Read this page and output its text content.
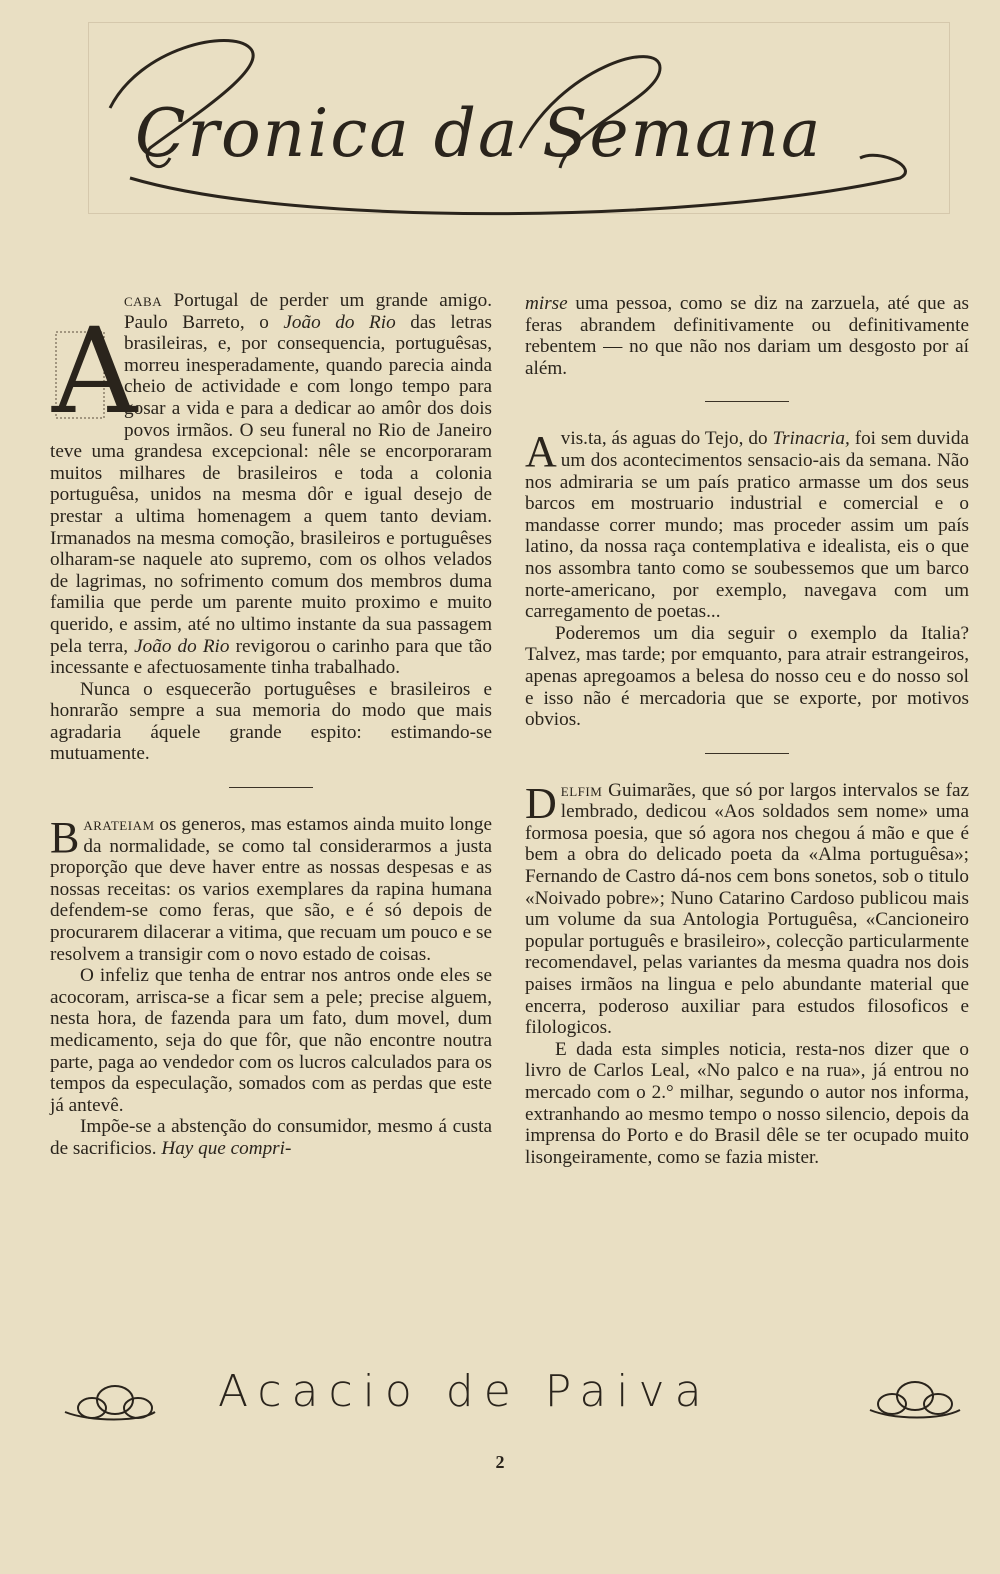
Cronica da Semana
A

caba Portugal de perder um grande amigo. Paulo Barreto, o João do Rio das letras brasileiras, e, por consequencia, portuguêsas, morreu inesperadamente, quando parecia ainda cheio de actividade e com longo tempo para gosar a vida e para a dedicar ao amôr dos dois povos irmãos. O seu funeral no Rio de Janeiro teve uma grandesa excepcional: nêle se encorporaram muitos milhares de brasileiros e toda a colonia portuguêsa, unidos na mesma dôr e igual desejo de prestar a ultima homenagem a quem tanto deviam. Irmanados na mesma comoção, brasileiros e portuguêses olharam-se naquele ato supremo, com os olhos velados de lagrimas, no sofrimento comum dos membros duma familia que perde um parente muito proximo e muito querido, e assim, até no ultimo instante da sua passagem pela terra, João do Rio revigorou o carinho para que tão incessante e afectuosamente tinha trabalhado.

Nunca o esquecerão portuguêses e brasileiros e honrarão sempre a sua memoria do modo que mais agradaria áquele grande espito: estimando-se mutuamente.

Barateiam os generos, mas estamos ainda muito longe da normalidade, se como tal considerarmos a justa proporção que deve haver entre as nossas despesas e as nossas receitas: os varios exemplares da rapina humana defendem-se como feras, que são, e é só depois de procurarem dilacerar a vitima, que recuam um pouco e se resolvem a transigir com o novo estado de coisas.

O infeliz que tenha de entrar nos antros onde eles se acocoram, arrisca-se a ficar sem a pele; precise alguem, nesta hora, de fazenda para um fato, dum movel, dum medicamento, seja do que fôr, que não encontre noutra parte, paga ao vendedor com os lucros calculados para os tempos da especulação, somados com as perdas que este já antevê.

Impõe-se a abstenção do consumidor, mesmo á custa de sacrificios. Hay que compri-

mirse uma pessoa, como se diz na zarzuela, até que as feras abrandem definitivamente ou definitivamente rebentem — no que não nos dariam um desgosto por aí além.

Avis.ta, ás aguas do Tejo, do Trinacria, foi sem duvida um dos acontecimentos sensacio-ais da semana. Não nos admiraria se um país pratico armasse um dos seus barcos em mostruario industrial e comercial e o mandasse correr mundo; mas proceder assim um país latino, da nossa raça contemplativa e idealista, eis o que nos assombra tanto como se soubessemos que um barco norte-americano, por exemplo, navegava com um carregamento de poetas...

Poderemos um dia seguir o exemplo da Italia? Talvez, mas tarde; por emquanto, para atrair estrangeiros, apenas apregoamos a belesa do nosso ceu e do nosso sol e isso não é mercadoria que se exporte, por motivos obvios.

Delfim Guimarães, que só por largos intervalos se faz lembrado, dedicou «Aos soldados sem nome» uma formosa poesia, que só agora nos chegou á mão e que é bem a obra do delicado poeta da «Alma portuguêsa»; Fernando de Castro dá-nos cem bons sonetos, sob o titulo «Noivado pobre»; Nuno Catarino Cardoso publicou mais um volume da sua Antologia Portuguêsa, «Cancioneiro popular português e brasileiro», colecção particularmente recomendavel, pelas variantes da mesma quadra nos dois paises irmãos na lingua e pelo abundante material que encerra, poderoso auxiliar para estudos filosoficos e filologicos.

E dada esta simples noticia, resta-nos dizer que o livro de Carlos Leal, «No palco e na rua», já entrou no mercado com o 2.° milhar, segundo o autor nos informa, extranhando ao mesmo tempo o nosso silencio, depois da imprensa do Porto e do Brasil dêle se ter ocupado muito lisongeiramente, como se fazia mister.

Acacio de Paiva
2
